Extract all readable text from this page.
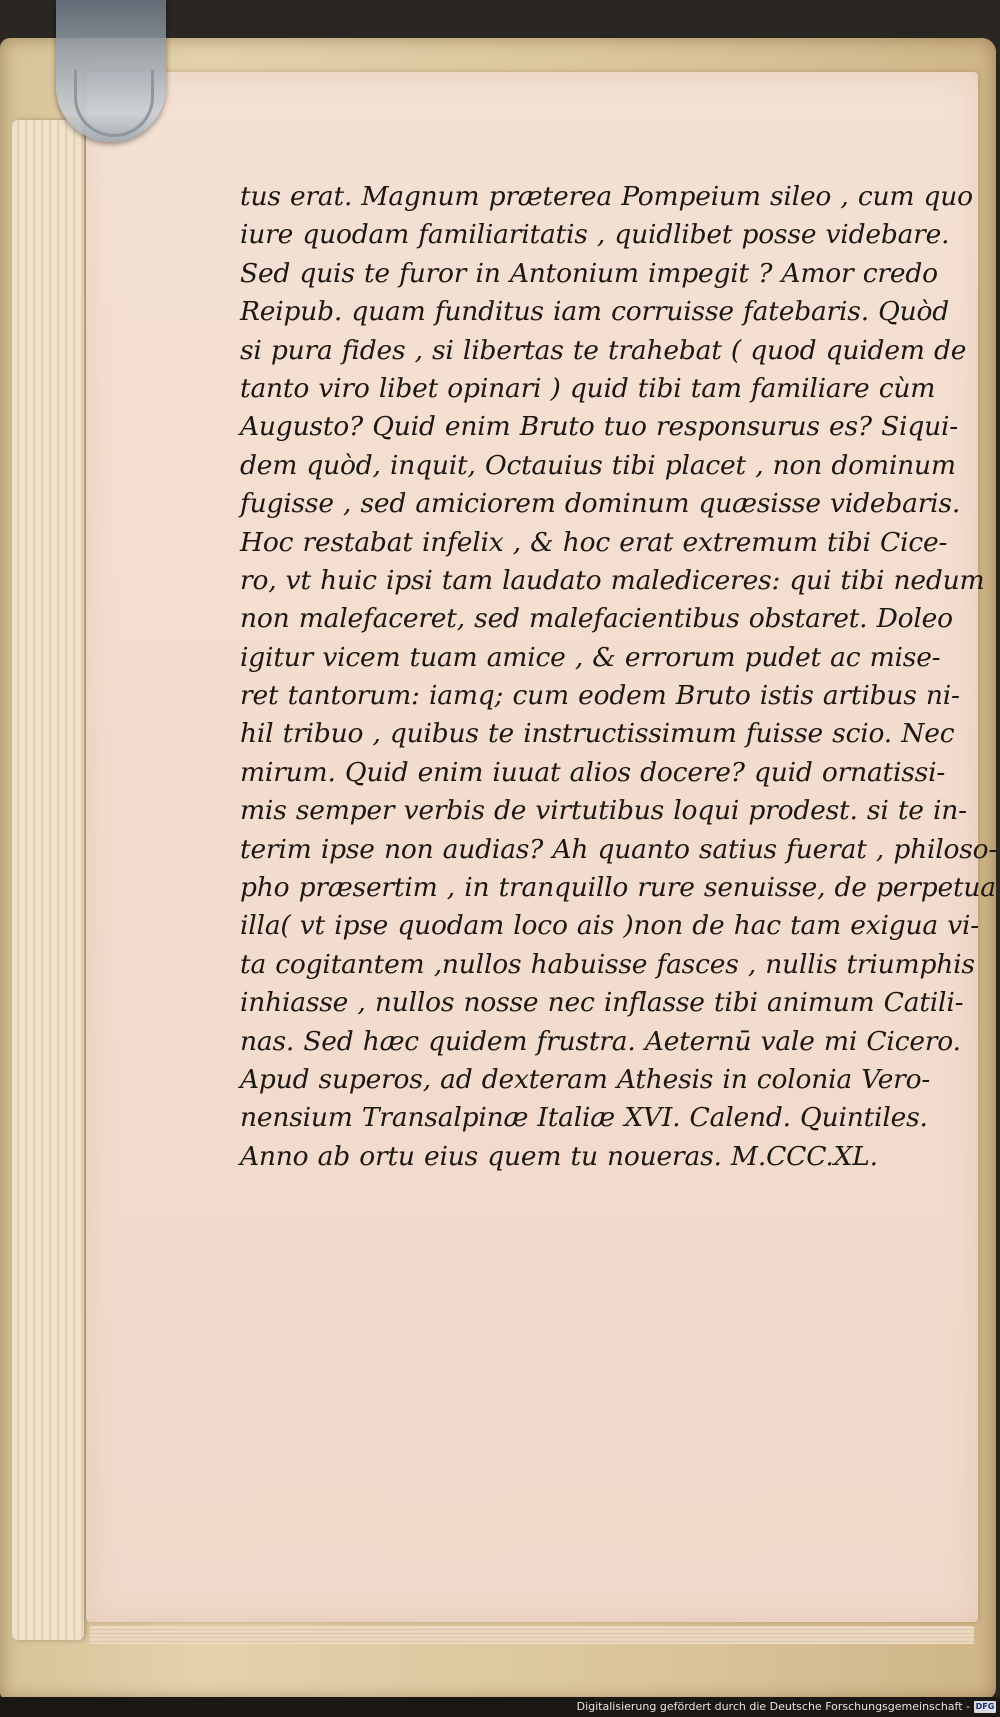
tus erat. Magnum præterea Pompeium sileo , cum quo
iure quodam familiaritatis , quidlibet posse videbare.
Sed quis te furor in Antonium impegit ? Amor credo
Reipub. quam funditus iam corruisse fatebaris. Quòd
si pura fides , si libertas te trahebat ( quod quidem de
tanto viro libet opinari ) quid tibi tam familiare cùm
Augusto? Quid enim Bruto tuo responsurus es? Siqui-
dem quòd, inquit, Octauius tibi placet , non dominum
fugisse , sed amiciorem dominum quæsisse videbaris.
Hoc restabat infelix , & hoc erat extremum tibi Cice-
ro, vt huic ipsi tam laudato malediceres: qui tibi nedum
non malefaceret, sed malefacientibus obstaret. Doleo
igitur vicem tuam amice , & errorum pudet ac mise-
ret tantorum: iamq; cum eodem Bruto istis artibus ni-
hil tribuo , quibus te instructissimum fuisse scio. Nec
mirum. Quid enim iuuat alios docere? quid ornatissi-
mis semper verbis de virtutibus loqui prodest. si te in-
terim ipse non audias? Ah quanto satius fuerat , philoso-
pho præsertim , in tranquillo rure senuisse, de perpetua
illa( vt ipse quodam loco ais )non de hac tam exigua vi-
ta cogitantem ,nullos habuisse fasces , nullis triumphis
inhiasse , nullos nosse nec inflasse tibi animum Catili-
nas. Sed hæc quidem frustra. Aeternū vale mi Cicero.
Apud superos, ad dexteram Athesis in colonia Vero-
nensium Transalpinæ Italiæ XVI. Calend. Quintiles.
Anno ab ortu eius quem tu noueras. M.CCC.XL.
Digitalisierung gefördert durch die Deutsche Forschungsgemeinschaft - DFG
